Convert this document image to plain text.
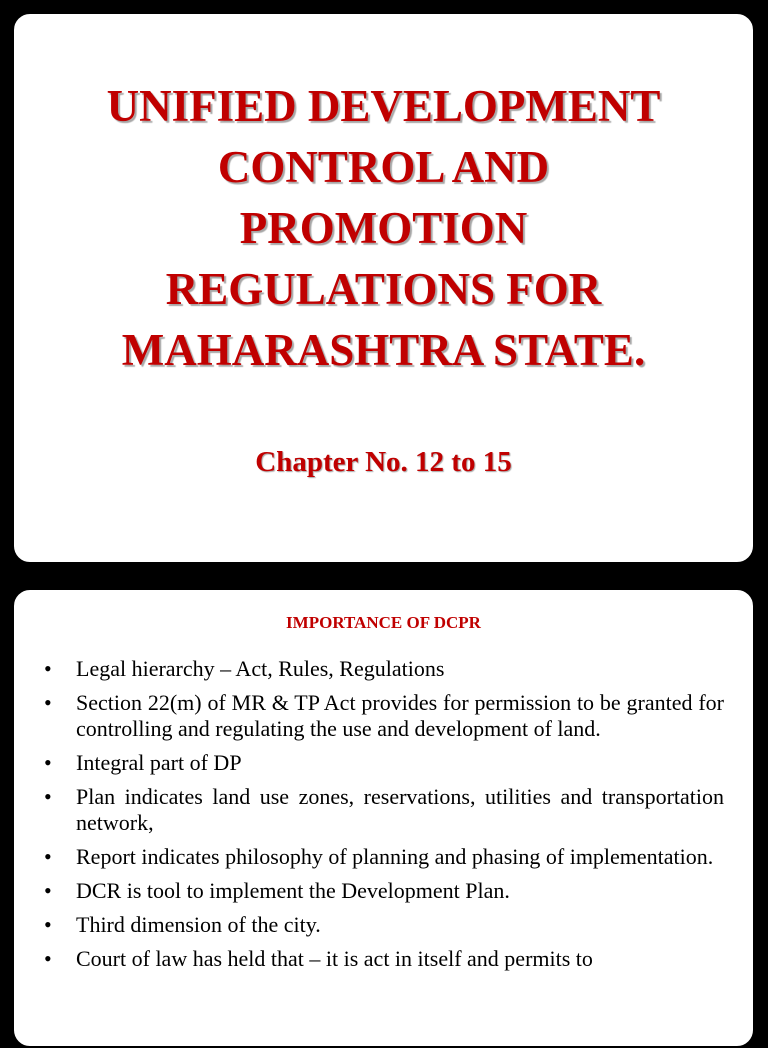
UNIFIED DEVELOPMENT
CONTROL AND
PROMOTION
REGULATIONS FOR
MAHARASHTRA STATE.
Chapter No. 12 to 15
IMPORTANCE OF DCPR
• Legal hierarchy – Act, Rules, Regulations
• Section 22(m) of MR & TP Act provides for permission to be granted for controlling and regulating the use and development of land.
• Integral part of DP
• Plan indicates land use zones, reservations, utilities and transportation network,
• Report indicates philosophy of planning and phasing of implementation.
• DCR is tool to implement the Development Plan.
• Third dimension of the city.
• Court of law has held that – it is act in itself and permits to
